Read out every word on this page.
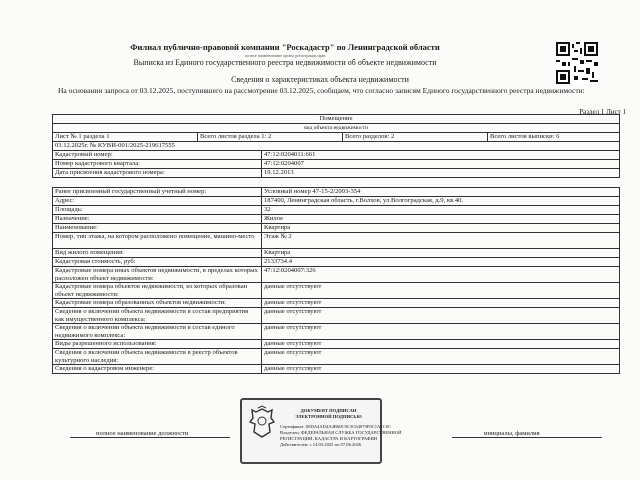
Филиал публично-правовой компании "Роскадастр" по Ленинградской области
полное наименование органа регистрации прав
Выписка из Единого государственного реестра недвижимости об объекте недвижимости
Сведения о характеристиках объекта недвижимости
На основании запроса от 03.12.2025, поступившего на рассмотрение 03.12.2025, сообщаем, что согласно записям Единого государственного реестра недвижимости:
Раздел 1 Лист 1
Помещение
вид объекта недвижимости
Лист № 1 раздела 1	Всего листов раздела 1: 2	Всего разделов: 2	Всего листов выписки: 6
03.12.2025г. № КУВИ-001/2025-219617555
Кадастровый номер:	47:12:0204011:661
Номер кадастрового квартала:	47:12:0204007
Дата присвоения кадастрового номера:	19.12.2013
Ранее присвоенный государственный учетный номер:	Условный номер 47-15-2/2003-354
Адрес:	187400, Ленинградская область, г.Волхов, ул.Волгоградская, д.9, кв.40.
Площадь:	32
Назначение:	Жилое
Наименование:	Квартира
Номер, тип этажа, на котором расположено помещение, машино-место	Этаж № 2
Вид жилого помещения:	Квартира
Кадастровая стоимость, руб:	2133734.4
Кадастровые номера иных объектов недвижимости, в пределах которых расположен объект недвижимости:	47:12:0204007:326
Кадастровые номера объектов недвижимости, из которых образован объект недвижимости:	данные отсутствуют
Кадастровые номера образованных объектов недвижимости:	данные отсутствуют
Сведения о включении объекта недвижимости в состав предприятия как имущественного комплекса:	данные отсутствуют
Сведения о включении объекта недвижимости в состав единого недвижимого комплекса:	данные отсутствуют
Виды разрешенного использования:	данные отсутствуют
Сведения о включении объекта недвижимости в реестр объектов культурного наследия:	данные отсутствуют
Сведения о кадастровом инженере:	данные отсутствуют
ДОКУМЕНТ ПОДПИСАН
ЭЛЕКТРОННОЙ ПОДПИСЬЮ
Сертификат: 00DA4AD4A4B60C9C3C64079F0C1A1C0C
Владелец: ФЕДЕРАЛЬНАЯ СЛУЖБА ГОСУДАРСТВЕННОЙ
РЕГИСТРАЦИИ, КАДАСТРА И КАРТОГРАФИИ
Действителен: с 14.03.2025 по 07.06.2026
полное наименование должности	инициалы, фамилия
